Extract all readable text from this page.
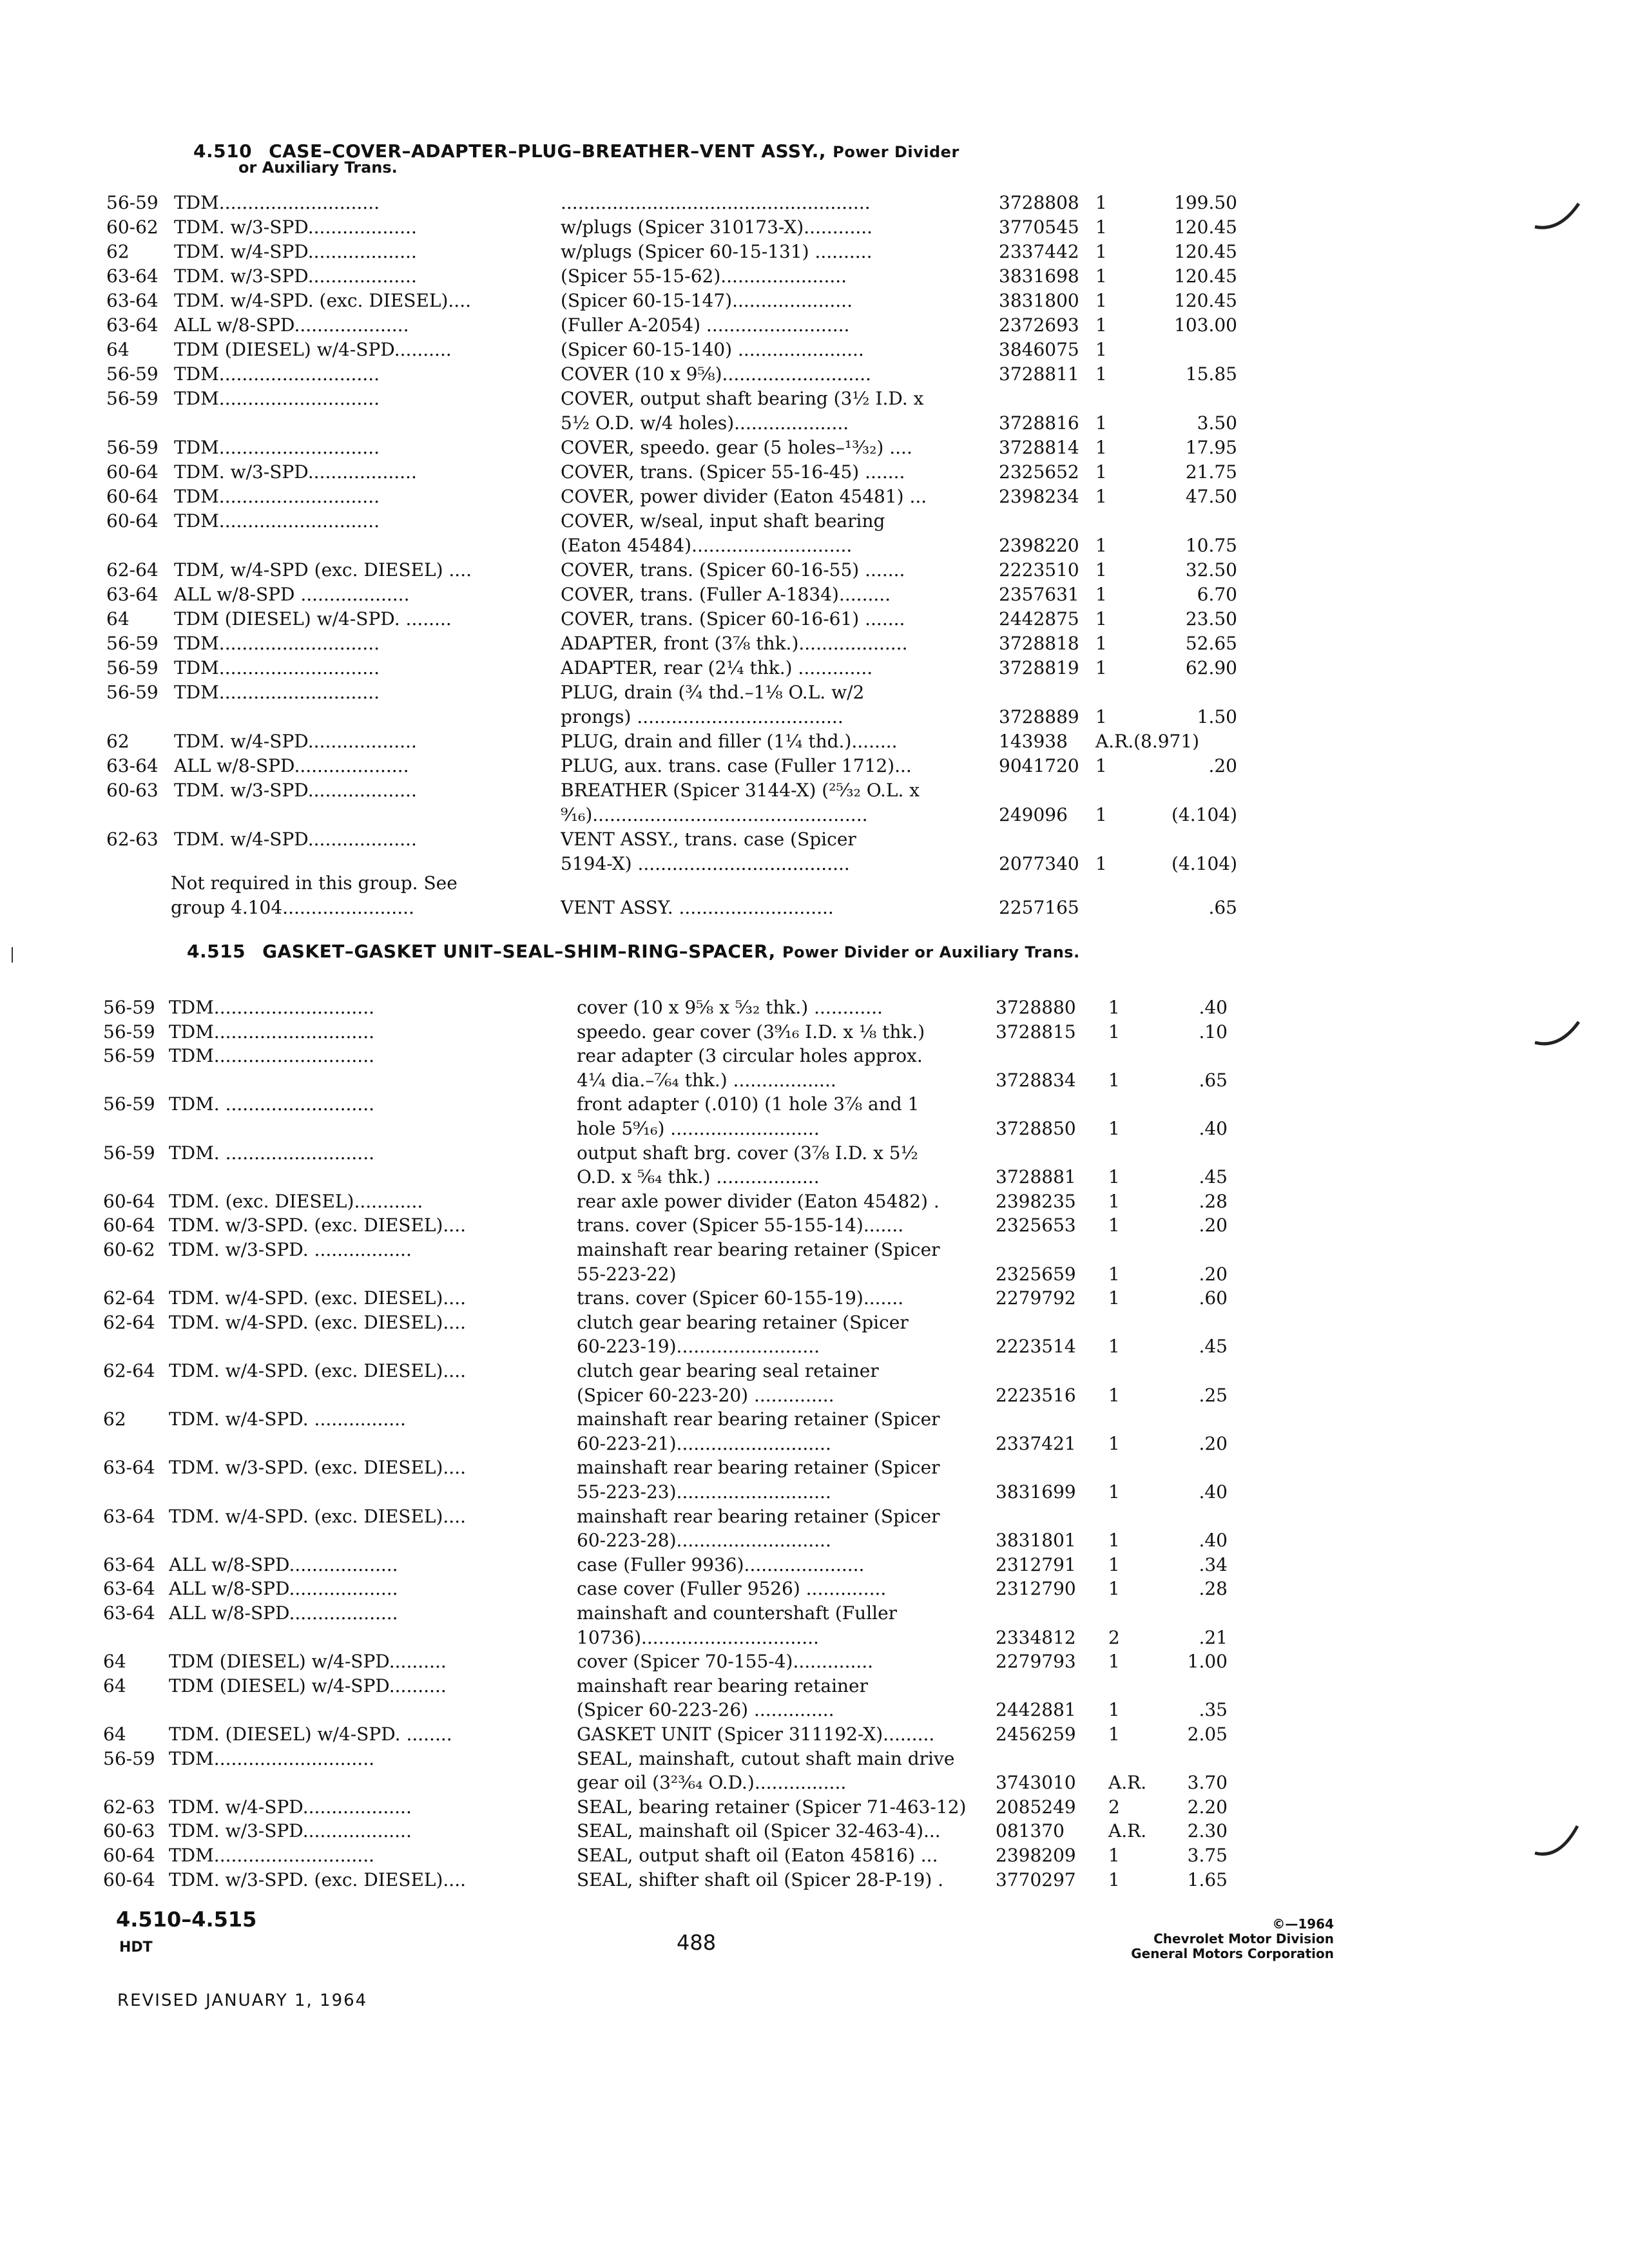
4.510 CASE–COVER–ADAPTER–PLUG–BREATHER–VENT ASSY., Power Divider
or Auxiliary Trans.
56-59 TDM............................	......................................................	3728808 1	199.50
60-62 TDM. w/3-SPD...................	w/plugs (Spicer 310173-X)............	3770545 1	120.45
62 TDM. w/4-SPD...................	w/plugs (Spicer 60-15-131) ..........	2337442 1	120.45
63-64 TDM. w/3-SPD...................	(Spicer 55-15-62)......................	3831698 1	120.45
63-64 TDM. w/4-SPD. (exc. DIESEL)....	(Spicer 60-15-147).....................	3831800 1	120.45
63-64 ALL w/8-SPD....................	(Fuller A-2054) .........................	2372693 1	103.00
64 TDM (DIESEL) w/4-SPD..........	(Spicer 60-15-140) ......................	3846075 1
56-59 TDM............................	COVER (10 x 9⅝)..........................	3728811 1	15.85
56-59 TDM............................	COVER, output shaft bearing (3½ I.D. x
5½ O.D. w/4 holes)....................	3728816 1	3.50
56-59 TDM............................	COVER, speedo. gear (5 holes–¹³⁄₃₂) ....	3728814 1	17.95
60-64 TDM. w/3-SPD...................	COVER, trans. (Spicer 55-16-45) .......	2325652 1	21.75
60-64 TDM............................	COVER, power divider (Eaton 45481) ...	2398234 1	47.50
60-64 TDM............................	COVER, w/seal, input shaft bearing
(Eaton 45484)............................	2398220 1	10.75
62-64 TDM, w/4-SPD (exc. DIESEL) ....	COVER, trans. (Spicer 60-16-55) .......	2223510 1	32.50
63-64 ALL w/8-SPD ...................	COVER, trans. (Fuller A-1834).........	2357631 1	6.70
64 TDM (DIESEL) w/4-SPD. ........	COVER, trans. (Spicer 60-16-61) .......	2442875 1	23.50
56-59 TDM............................	ADAPTER, front (3⅞ thk.)...................	3728818 1	52.65
56-59 TDM............................	ADAPTER, rear (2¼ thk.) .............	3728819 1	62.90
56-59 TDM............................	PLUG, drain (¾ thd.–1⅛ O.L. w/2
prongs) ....................................	3728889 1	1.50
62 TDM. w/4-SPD...................	PLUG, drain and filler (1¼ thd.)........	143938 A.R.(8.971)
63-64 ALL w/8-SPD....................	PLUG, aux. trans. case (Fuller 1712)...	9041720 1	.20
60-63 TDM. w/3-SPD...................	BREATHER (Spicer 3144-X) (²⁵⁄₃₂ O.L. x
⁹⁄₁₆)................................................	249096 1	(4.104)
62-63 TDM. w/4-SPD...................	VENT ASSY., trans. case (Spicer
5194-X) .....................................	2077340 1	(4.104)
Not required in this group. See
group 4.104.......................	VENT ASSY. ...........................	2257165	.65
4.515 GASKET–GASKET UNIT–SEAL–SHIM–RING–SPACER, Power Divider or Auxiliary Trans.
56-59 TDM............................	cover (10 x 9⅝ x ⁵⁄₃₂ thk.) ............	3728880 1	.40
56-59 TDM............................	speedo. gear cover (3⁹⁄₁₆ I.D. x ⅛ thk.)	3728815 1	.10
56-59 TDM............................	rear adapter (3 circular holes approx.
4¼ dia.–⁷⁄₆₄ thk.) ..................	3728834 1	.65
56-59 TDM. ..........................	front adapter (.010) (1 hole 3⅞ and 1
hole 5⁹⁄₁₆) ..........................	3728850 1	.40
56-59 TDM. ..........................	output shaft brg. cover (3⅞ I.D. x 5½
O.D. x ⁵⁄₆₄ thk.) ..................	3728881 1	.45
60-64 TDM. (exc. DIESEL)............	rear axle power divider (Eaton 45482) .	2398235 1	.28
60-64 TDM. w/3-SPD. (exc. DIESEL)....	trans. cover (Spicer 55-155-14).......	2325653 1	.20
60-62 TDM. w/3-SPD. .................	mainshaft rear bearing retainer (Spicer
55-223-22)	2325659 1	.20
62-64 TDM. w/4-SPD. (exc. DIESEL)....	trans. cover (Spicer 60-155-19).......	2279792 1	.60
62-64 TDM. w/4-SPD. (exc. DIESEL)....	clutch gear bearing retainer (Spicer
60-223-19).........................	2223514 1	.45
62-64 TDM. w/4-SPD. (exc. DIESEL)....	clutch gear bearing seal retainer
(Spicer 60-223-20) ..............	2223516 1	.25
62 TDM. w/4-SPD. ................	mainshaft rear bearing retainer (Spicer
60-223-21)...........................	2337421 1	.20
63-64 TDM. w/3-SPD. (exc. DIESEL)....	mainshaft rear bearing retainer (Spicer
55-223-23)...........................	3831699 1	.40
63-64 TDM. w/4-SPD. (exc. DIESEL)....	mainshaft rear bearing retainer (Spicer
60-223-28)...........................	3831801 1	.40
63-64 ALL w/8-SPD...................	case (Fuller 9936).....................	2312791 1	.34
63-64 ALL w/8-SPD...................	case cover (Fuller 9526) ..............	2312790 1	.28
63-64 ALL w/8-SPD...................	mainshaft and countershaft (Fuller
10736)...............................	2334812 2	.21
64 TDM (DIESEL) w/4-SPD..........	cover (Spicer 70-155-4)..............	2279793 1	1.00
64 TDM (DIESEL) w/4-SPD..........	mainshaft rear bearing retainer
(Spicer 60-223-26) ..............	2442881 1	.35
64 TDM. (DIESEL) w/4-SPD. ........	GASKET UNIT (Spicer 311192-X).........	2456259 1	2.05
56-59 TDM............................	SEAL, mainshaft, cutout shaft main drive
gear oil (3²³⁄₆₄ O.D.)................	3743010 A.R.	3.70
62-63 TDM. w/4-SPD...................	SEAL, bearing retainer (Spicer 71-463-12)	2085249 2	2.20
60-63 TDM. w/3-SPD...................	SEAL, mainshaft oil (Spicer 32-463-4)...	081370 A.R.	2.30
60-64 TDM............................	SEAL, output shaft oil (Eaton 45816) ...	2398209 1	3.75
60-64 TDM. w/3-SPD. (exc. DIESEL)....	SEAL, shifter shaft oil (Spicer 28-P-19) .	3770297 1	1.65
4.510–4.515
HDT	488
REVISED JANUARY 1, 1964
©—1964
Chevrolet Motor Division
General Motors Corporation
